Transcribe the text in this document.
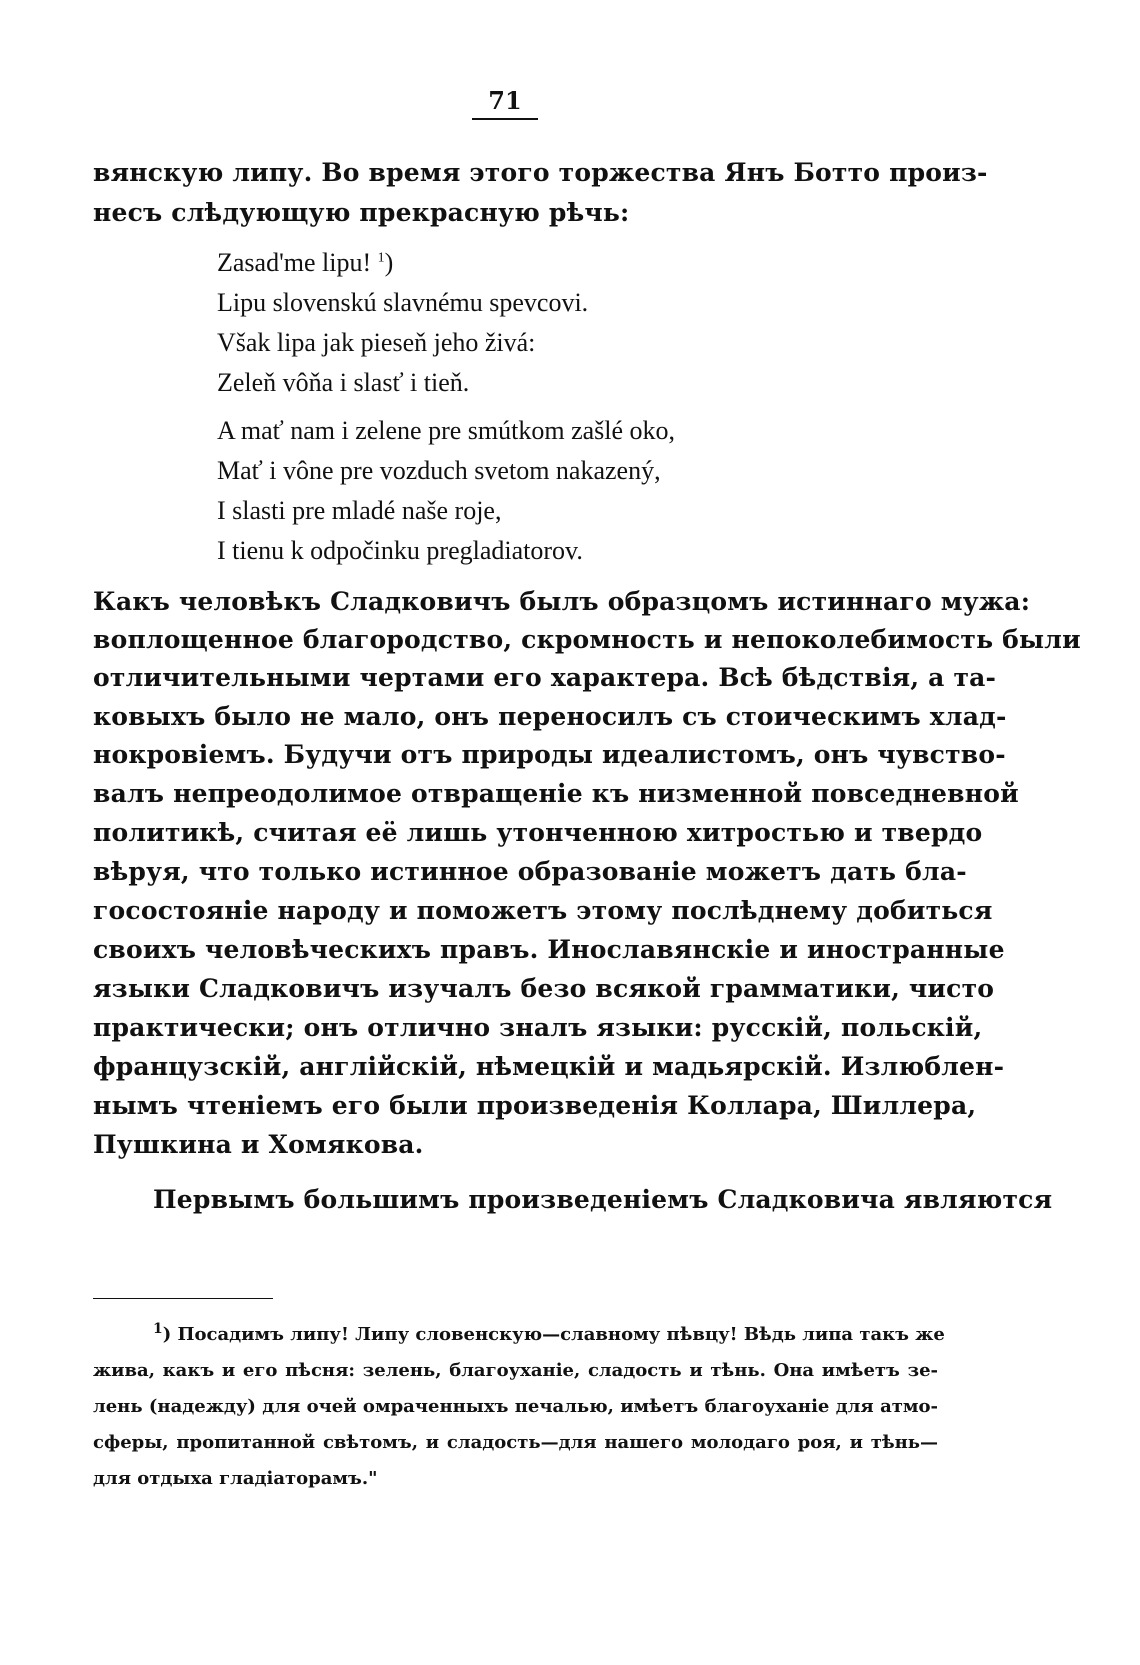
71
вянскую липу. Во время этого торжества Янъ Ботто произ-
несъ слѣдующую прекрасную рѣчь:
Zasad'me lipu! $^1$)
Lipu slovenskú slavnému spevcovi.
Však lipa jak pieseň jeho živá:
Zeleň vôňa i slasť i tieň.
A mať nam i zelene pre smútkom zašlé oko,
Mať i vône pre vozduch svetom nakazený,
I slasti pre mladé naše roje,
I tienu k odpočinku pregladiatorov.
Какъ человѣкъ Сладковичъ былъ образцомъ истиннаго мужа:
воплощенное благородство, скромность и непоколебимость были
отличительными чертами его характера. Всѣ бѣдствія, а та-
ковыхъ было не мало, онъ переносилъ съ стоическимъ хлад-
нокровіемъ. Будучи отъ природы идеалистомъ, онъ чувство-
валъ непреодолимое отвращеніе къ низменной повседневной
политикѣ, считая её лишь утонченною хитростью и твердо
вѣруя, что только истинное образованіе можетъ дать бла-
госостояніе народу и поможетъ этому послѣднему добиться
своихъ человѣческихъ правъ. Инославянскіе и иностранные
языки Сладковичъ изучалъ безо всякой грамматики, чисто
практически; онъ отлично зналъ языки: русскій, польскій,
французскій, англійскій, нѣмецкій и мадьярскій. Излюблен-
нымъ чтеніемъ его были произведенія Коллара, Шиллера,
Пушкина и Хомякова.
Первымъ большимъ произведеніемъ Сладковича являются
$^1$) Посадимъ липу! Липу словенскую—славному пѣвцу! Вѣдь липа такъ же
жива, какъ и его пѣсня: зелень, благоуханіе, сладость и тѣнь. Она имѣетъ зе-
лень (надежду) для очей омраченныхъ печалью, имѣетъ благоуханіе для атмо-
сферы, пропитанной свѣтомъ, и сладость—для нашего молодаго роя, и тѣнь—
для отдыха гладіаторамъ."
